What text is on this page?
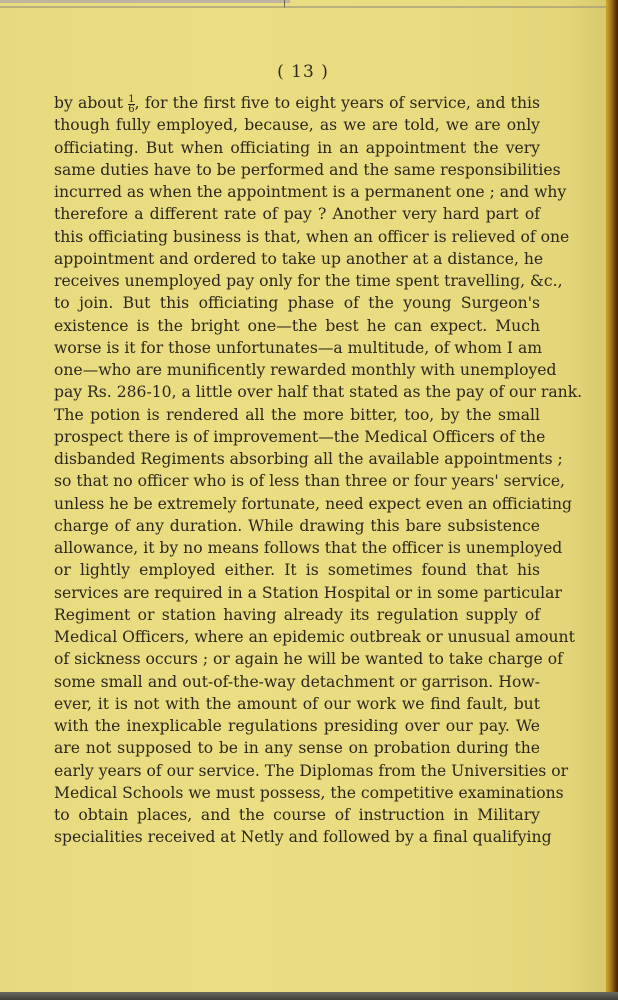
( 13 )
by about $\frac{1}{6}$ , for the first five to eight years of service, and this
though fully employed, because, as we are told, we are only
officiating. But when officiating in an appointment the very
same duties have to be performed and the same responsibilities
incurred as when the appointment is a permanent one ; and why
therefore a different rate of pay ? Another very hard part of
this officiating business is that, when an officer is relieved of one
appointment and ordered to take up another at a distance, he
receives unemployed pay only for the time spent travelling, &c.,
to join. But this officiating phase of the young Surgeon's
existence is the bright one—the best he can expect. Much
worse is it for those unfortunates—a multitude, of whom I am
one—who are munificently rewarded monthly with unemployed
pay Rs. 286-10, a little over half that stated as the pay of our rank.
The potion is rendered all the more bitter, too, by the small
prospect there is of improvement—the Medical Officers of the
disbanded Regiments absorbing all the available appointments ;
so that no officer who is of less than three or four years' service,
unless he be extremely fortunate, need expect even an officiating
charge of any duration. While drawing this bare subsistence
allowance, it by no means follows that the officer is unemployed
or lightly employed either. It is sometimes found that his
services are required in a Station Hospital or in some particular
Regiment or station having already its regulation supply of
Medical Officers, where an epidemic outbreak or unusual amount
of sickness occurs ; or again he will be wanted to take charge of
some small and out-of-the-way detachment or garrison. How-
ever, it is not with the amount of our work we find fault, but
with the inexplicable regulations presiding over our pay. We
are not supposed to be in any sense on probation during the
early years of our service. The Diplomas from the Universities or
Medical Schools we must possess, the competitive examinations
to obtain places, and the course of instruction in Military
specialities received at Netly and followed by a final qualifying
